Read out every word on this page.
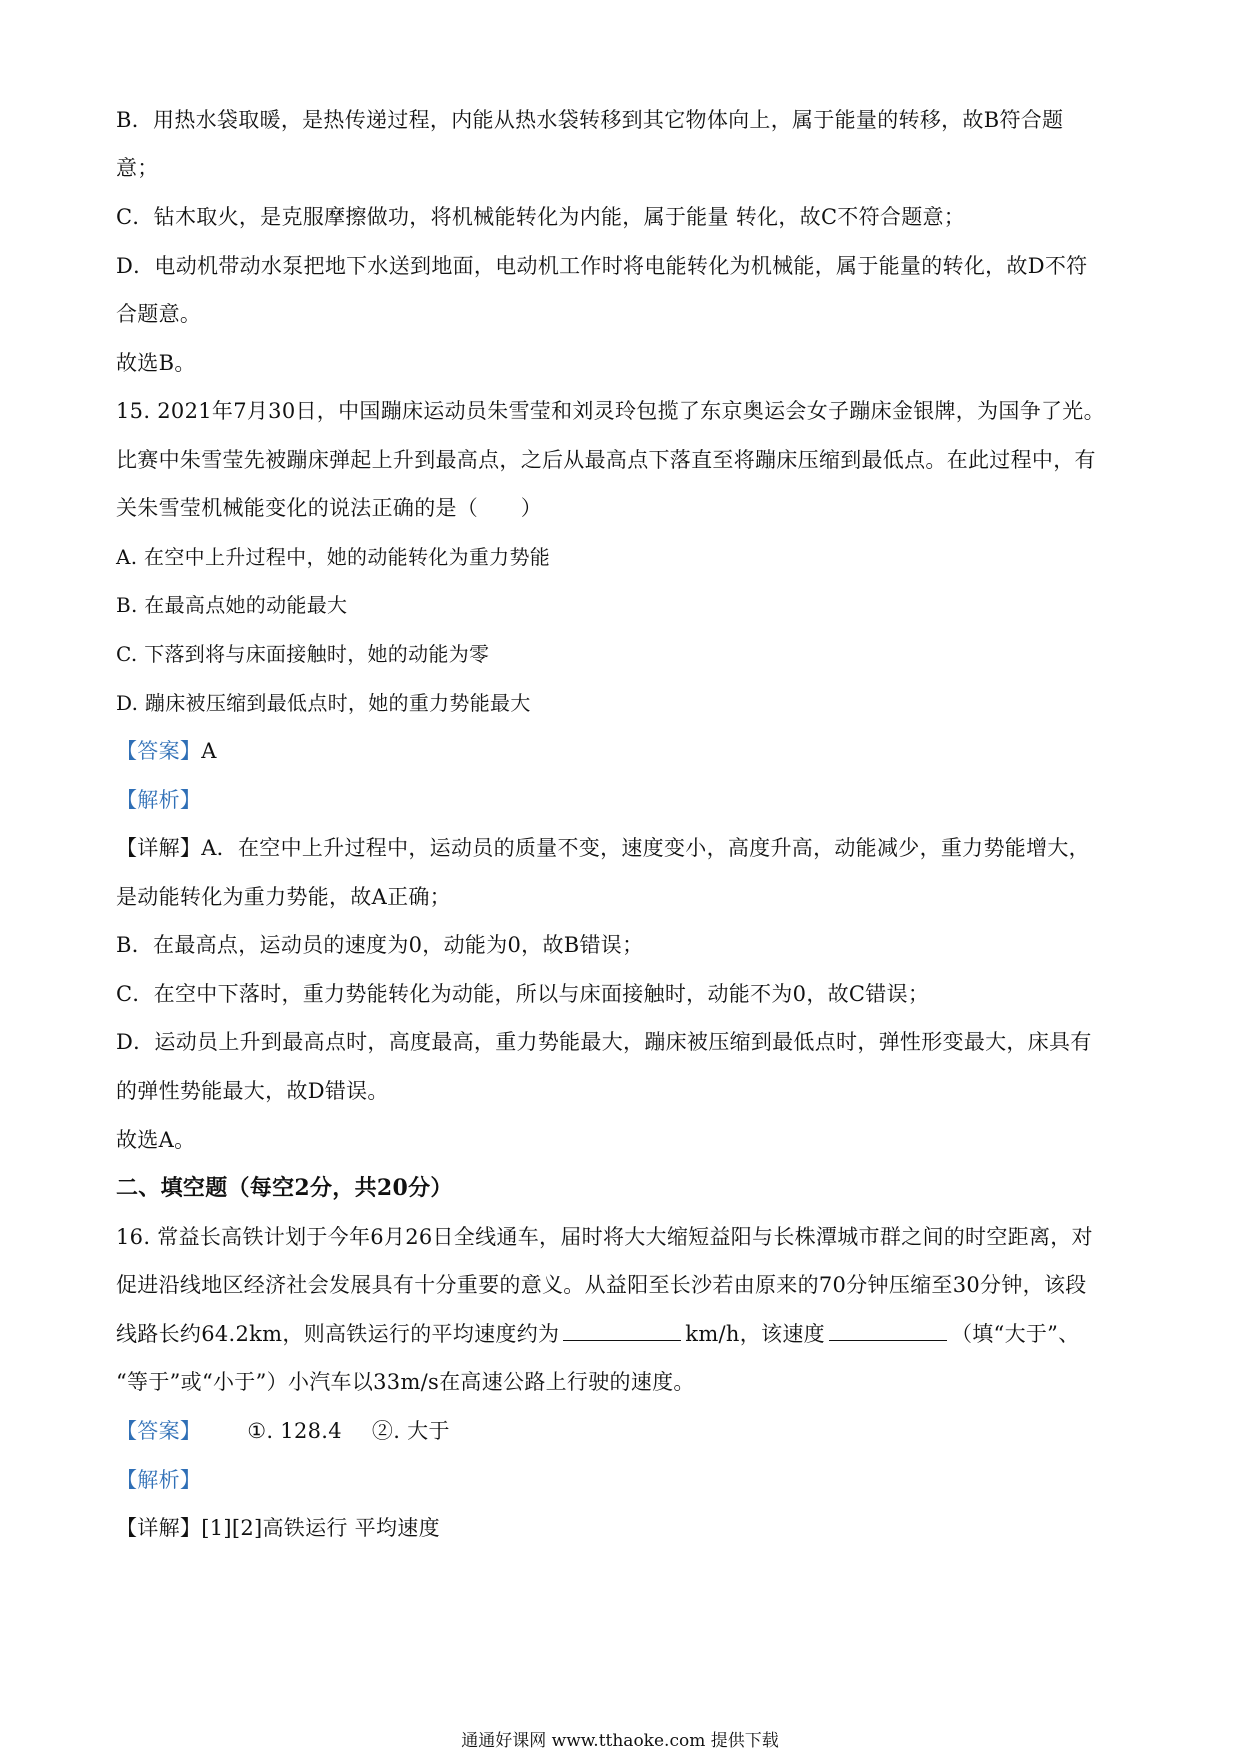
B．用热水袋取暖，是热传递过程，内能从热水袋转移到其它物体向上，属于能量的转移，故B符合题
意；
C．钻木取火，是克服摩擦做功，将机械能转化为内能，属于能量 转化，故C不符合题意；
D．电动机带动水泵把地下水送到地面，电动机工作时将电能转化为机械能，属于能量的转化，故D不符
合题意。
故选B。
15. 2021年7月30日，中国蹦床运动员朱雪莹和刘灵玲包揽了东京奥运会女子蹦床金银牌，为国争了光。
比赛中朱雪莹先被蹦床弹起上升到最高点，之后从最高点下落直至将蹦床压缩到最低点。在此过程中，有
关朱雪莹机械能变化的说法正确的是（　　）
A. 在空中上升过程中，她的动能转化为重力势能
B. 在最高点她的动能最大
C. 下落到将与床面接触时，她的动能为零
D. 蹦床被压缩到最低点时，她的重力势能最大
【答案】A
【解析】
【详解】A．在空中上升过程中，运动员的质量不变，速度变小，高度升高，动能减少，重力势能增大，
是动能转化为重力势能，故A正确；
B．在最高点，运动员的速度为0，动能为0，故B错误；
C．在空中下落时，重力势能转化为动能，所以与床面接触时，动能不为0，故C错误；
D．运动员上升到最高点时，高度最高，重力势能最大，蹦床被压缩到最低点时，弹性形变最大，床具有
的弹性势能最大，故D错误。
故选A。
二、填空题（每空2分，共20分）
16. 常益长高铁计划于今年6月26日全线通车，届时将大大缩短益阳与长株潭城市群之间的时空距离，对
促进沿线地区经济社会发展具有十分重要的意义。从益阳至长沙若由原来的70分钟压缩至30分钟，该段
线路长约64.2km，则高铁运行的平均速度约为	km/h，该速度	（填“大于”、
“等于”或“小于”）小汽车以33m/s在高速公路上行驶的速度。
【答案】 ①. 128.4 ②. 大于
【解析】
【详解】[1][2]高铁运行 平均速度
通通好课网 www.tthaoke.com 提供下载
